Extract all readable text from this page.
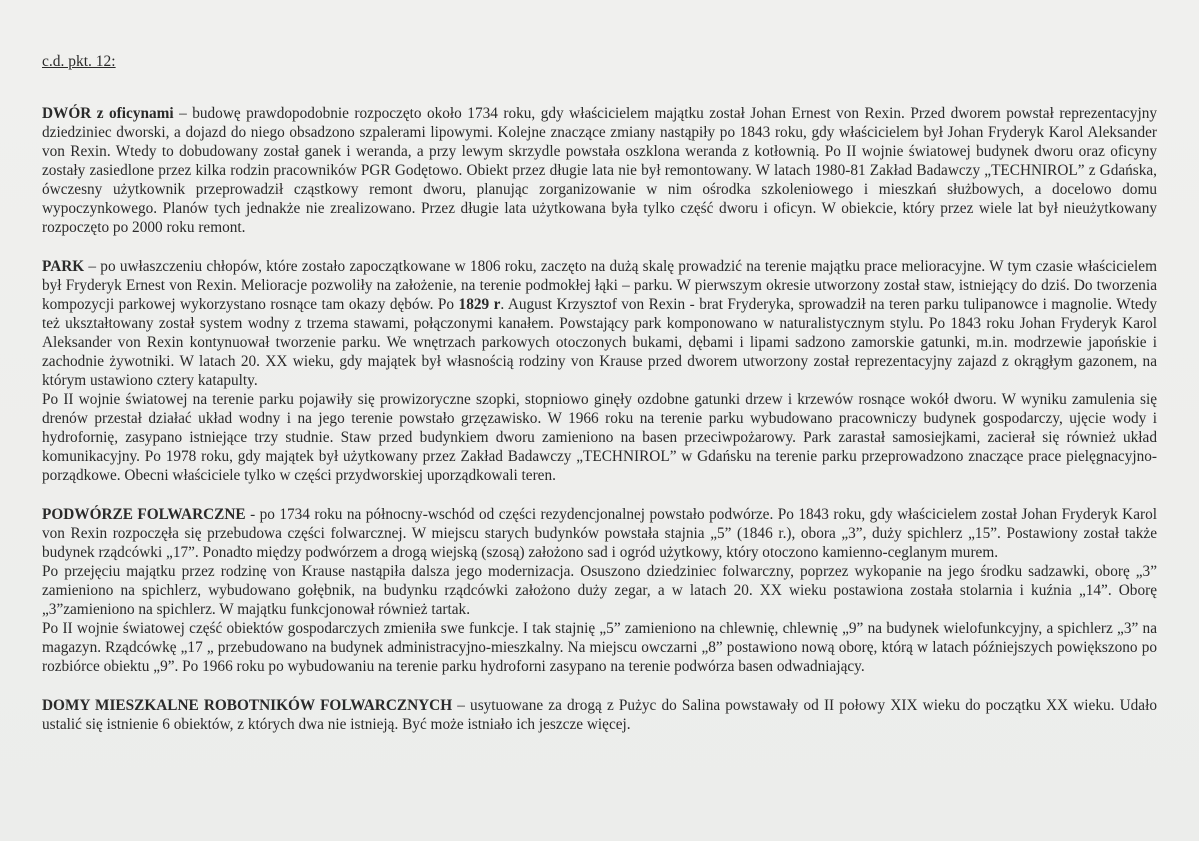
c.d. pkt. 12:

DWÓR z oficynami – budowę prawdopodobnie rozpoczęto około 1734 roku, gdy właścicielem majątku został Johan Ernest von Rexin. Przed dworem powstał reprezentacyjny dziedziniec dworski, a dojazd do niego obsadzono szpalerami lipowymi. Kolejne znaczące zmiany nastąpiły po 1843 roku, gdy właścicielem był Johan Fryderyk Karol Aleksander von Rexin. Wtedy to dobudowany został ganek i weranda, a przy lewym skrzydle powstała oszklona weranda z kotłownią. Po II wojnie światowej budynek dworu oraz oficyny zostały zasiedlone przez kilka rodzin pracowników PGR Godętowo. Obiekt przez długie lata nie był remontowany. W latach 1980-81 Zakład Badawczy „TECHNIROL” z Gdańska, ówczesny użytkownik przeprowadził cząstkowy remont dworu, planując zorganizowanie w nim ośrodka szkoleniowego i mieszkań służbowych, a docelowo domu wypoczynkowego. Planów tych jednakże nie zrealizowano. Przez długie lata użytkowana była tylko część dworu i oficyn. W obiekcie, który przez wiele lat był nieużytkowany rozpoczęto po 2000 roku remont.

PARK – po uwłaszczeniu chłopów, które zostało zapoczątkowane w 1806 roku, zaczęto na dużą skalę prowadzić na terenie majątku prace melioracyjne. W tym czasie właścicielem był Fryderyk Ernest von Rexin. Melioracje pozwoliły na założenie, na terenie podmokłej łąki – parku. W pierwszym okresie utworzony został staw, istniejący do dziś. Do tworzenia kompozycji parkowej wykorzystano rosnące tam okazy dębów. Po 1829 r. August Krzysztof von Rexin - brat Fryderyka, sprowadził na teren parku tulipanowce i magnolie. Wtedy też ukształtowany został system wodny z trzema stawami, połączonymi kanałem. Powstający park komponowano w naturalistycznym stylu. Po 1843 roku Johan Fryderyk Karol Aleksander von Rexin kontynuował tworzenie parku. We wnętrzach parkowych otoczonych bukami, dębami i lipami sadzono zamorskie gatunki, m.in. modrzewie japońskie i zachodnie żywotniki. W latach 20. XX wieku, gdy majątek był własnością rodziny von Krause przed dworem utworzony został reprezentacyjny zajazd z okrągłym gazonem, na którym ustawiono cztery katapulty.

Po II wojnie światowej na terenie parku pojawiły się prowizoryczne szopki, stopniowo ginęły ozdobne gatunki drzew i krzewów rosnące wokół dworu. W wyniku zamulenia się drenów przestał działać układ wodny i na jego terenie powstało grzęzawisko. W 1966 roku na terenie parku wybudowano pracowniczy budynek gospodarczy, ujęcie wody i hydrofornię, zasypano istniejące trzy studnie. Staw przed budynkiem dworu zamieniono na basen przeciwpożarowy. Park zarastał samosiejkami, zacierał się również układ komunikacyjny. Po 1978 roku, gdy majątek był użytkowany przez Zakład Badawczy „TECHNIROL” w Gdańsku na terenie parku przeprowadzono znaczące prace pielęgnacyjno-porządkowe. Obecni właściciele tylko w części przydworskiej uporządkowali teren.

PODWÓRZE FOLWARCZNE - po 1734 roku na północny-wschód od części rezydencjonalnej powstało podwórze. Po 1843 roku, gdy właścicielem został Johan Fryderyk Karol von Rexin rozpoczęła się przebudowa części folwarcznej. W miejscu starych budynków powstała stajnia „5” (1846 r.), obora „3”, duży spichlerz „15”. Postawiony został także budynek rządcówki „17”. Ponadto między podwórzem a drogą wiejską (szosą) założono sad i ogród użytkowy, który otoczono kamienno-ceglanym murem.

Po przejęciu majątku przez rodzinę von Krause nastąpiła dalsza jego modernizacja. Osuszono dziedziniec folwarczny, poprzez wykopanie na jego środku sadzawki, oborę „3” zamieniono na spichlerz, wybudowano gołębnik, na budynku rządcówki założono duży zegar, a w latach 20. XX wieku postawiona została stolarnia i kuźnia „14”. Oborę „3”zamieniono na spichlerz. W majątku funkcjonował również tartak.

Po II wojnie światowej część obiektów gospodarczych zmieniła swe funkcje. I tak stajnię „5” zamieniono na chlewnię, chlewnię „9” na budynek wielofunkcyjny, a spichlerz „3” na magazyn. Rządcówkę „17 „ przebudowano na budynek administracyjno-mieszkalny. Na miejscu owczarni „8” postawiono nową oborę, którą w latach późniejszych powiększono po rozbiórce obiektu „9”. Po 1966 roku po wybudowaniu na terenie parku hydroforni zasypano na terenie podwórza basen odwadniający.

DOMY MIESZKALNE ROBOTNIKÓW FOLWARCZNYCH – usytuowane za drogą z Pużyc do Salina powstawały od II połowy XIX wieku do początku XX wieku. Udało ustalić się istnienie 6 obiektów, z których dwa nie istnieją. Być może istniało ich jeszcze więcej.
